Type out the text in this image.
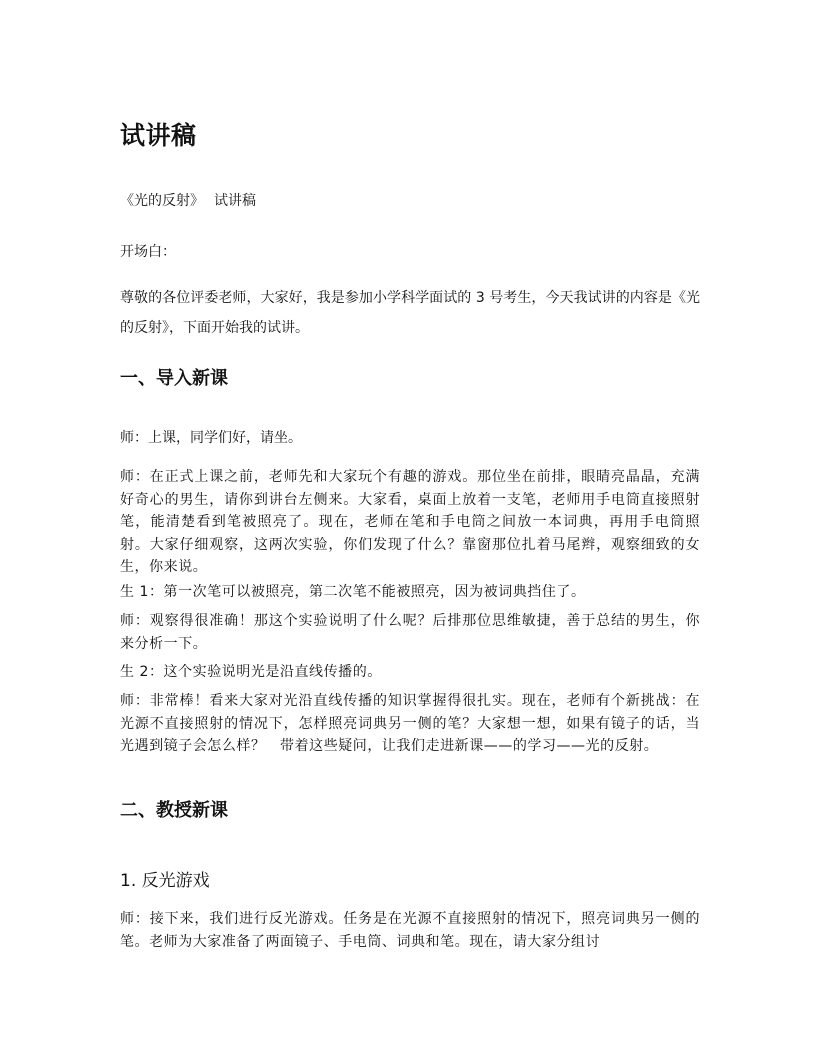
试讲稿

《光的反射》 试讲稿

开场白：

尊敬的各位评委老师，大家好，我是参加小学科学面试的 3 号考生，今天我试讲的内容是《光的反射》，下面开始我的试讲。

一、导入新课

师：上课，同学们好，请坐。

师：在正式上课之前，老师先和大家玩个有趣的游戏。那位坐在前排，眼睛亮晶晶，充满好奇心的男生，请你到讲台左侧来。大家看，桌面上放着一支笔，老师用手电筒直接照射笔，能清楚看到笔被照亮了。现在，老师在笔和手电筒之间放一本词典，再用手电筒照射。大家仔细观察，这两次实验，你们发现了什么？靠窗那位扎着马尾辫，观察细致的女生，你来说。

生 1：第一次笔可以被照亮，第二次笔不能被照亮，因为被词典挡住了。

师：观察得很准确！那这个实验说明了什么呢？后排那位思维敏捷，善于总结的男生，你来分析一下。

生 2：这个实验说明光是沿直线传播的。

师：非常棒！看来大家对光沿直线传播的知识掌握得很扎实。现在，老师有个新挑战：在光源不直接照射的情况下，怎样照亮词典另一侧的笔？大家想一想，如果有镜子的话，当光遇到镜子会怎么样？　带着这些疑问，让我们走进新课——的学习——光的反射。

二、教授新课

1. 反光游戏

师：接下来，我们进行反光游戏。任务是在光源不直接照射的情况下，照亮词典另一侧的笔。老师为大家准备了两面镜子、手电筒、词典和笔。现在，请大家分组讨
